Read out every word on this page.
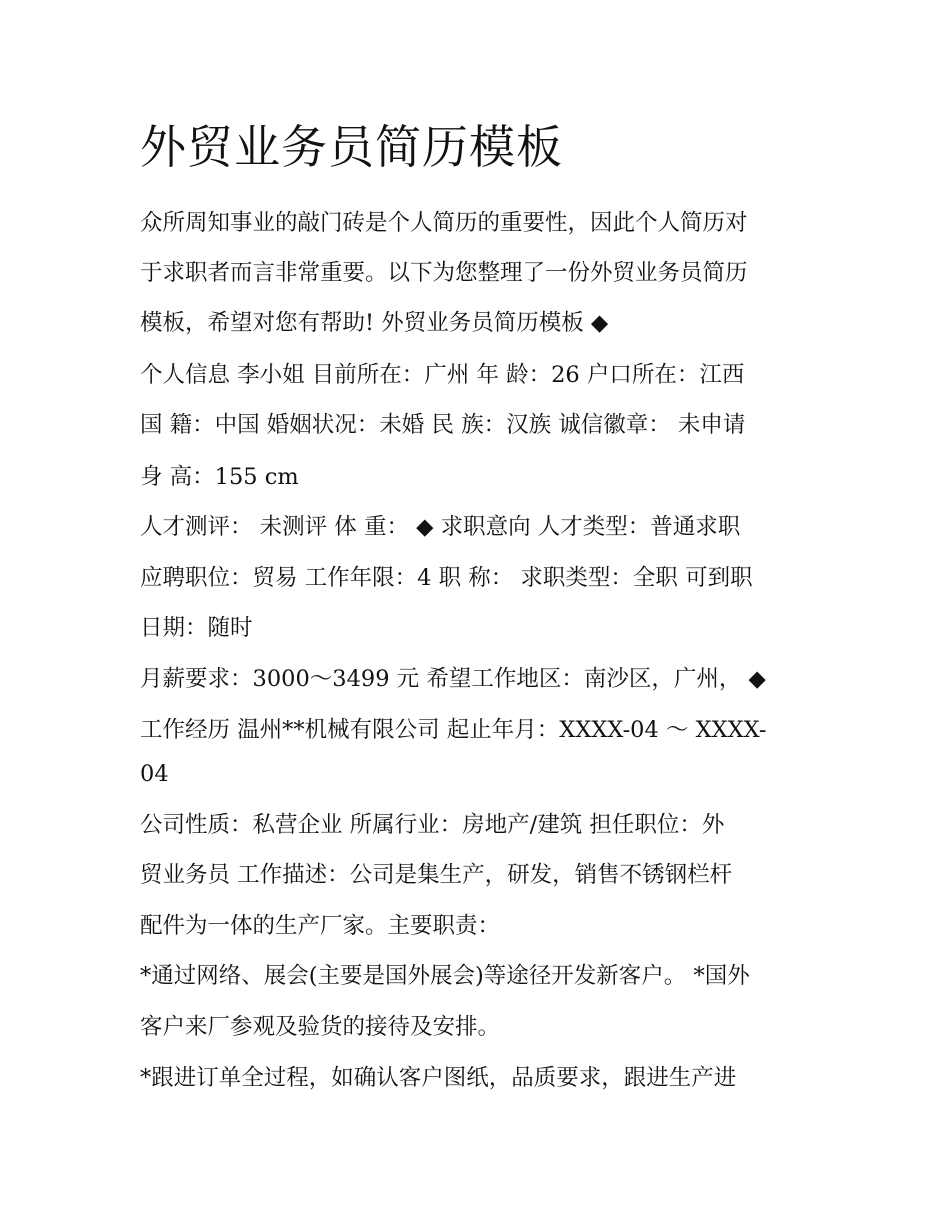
外贸业务员简历模板

众所周知事业的敲门砖是个人简历的重要性，因此个人简历对

于求职者而言非常重要。以下为您整理了一份外贸业务员简历

模板，希望对您有帮助! 外贸业务员简历模板 ◆

个人信息 李小姐 目前所在：广州 年 龄：26 户口所在：江西

国 籍：中国 婚姻状况：未婚 民 族：汉族 诚信徽章： 未申请

身 高：155 cm

人才测评： 未测评 体 重： ◆ 求职意向 人才类型：普通求职

应聘职位：贸易 工作年限：4 职 称： 求职类型：全职 可到职

日期：随时

月薪要求：3000～3499 元 希望工作地区：南沙区，广州， ◆

工作经历 温州**机械有限公司 起止年月：XXXX-04 ～ XXXX-

04

公司性质：私营企业 所属行业：房地产/建筑 担任职位：外

贸业务员 工作描述：公司是集生产，研发，销售不锈钢栏杆

配件为一体的生产厂家。主要职责：

*通过网络、展会(主要是国外展会)等途径开发新客户。 *国外

客户来厂参观及验货的接待及安排。

*跟进订单全过程，如确认客户图纸，品质要求，跟进生产进
